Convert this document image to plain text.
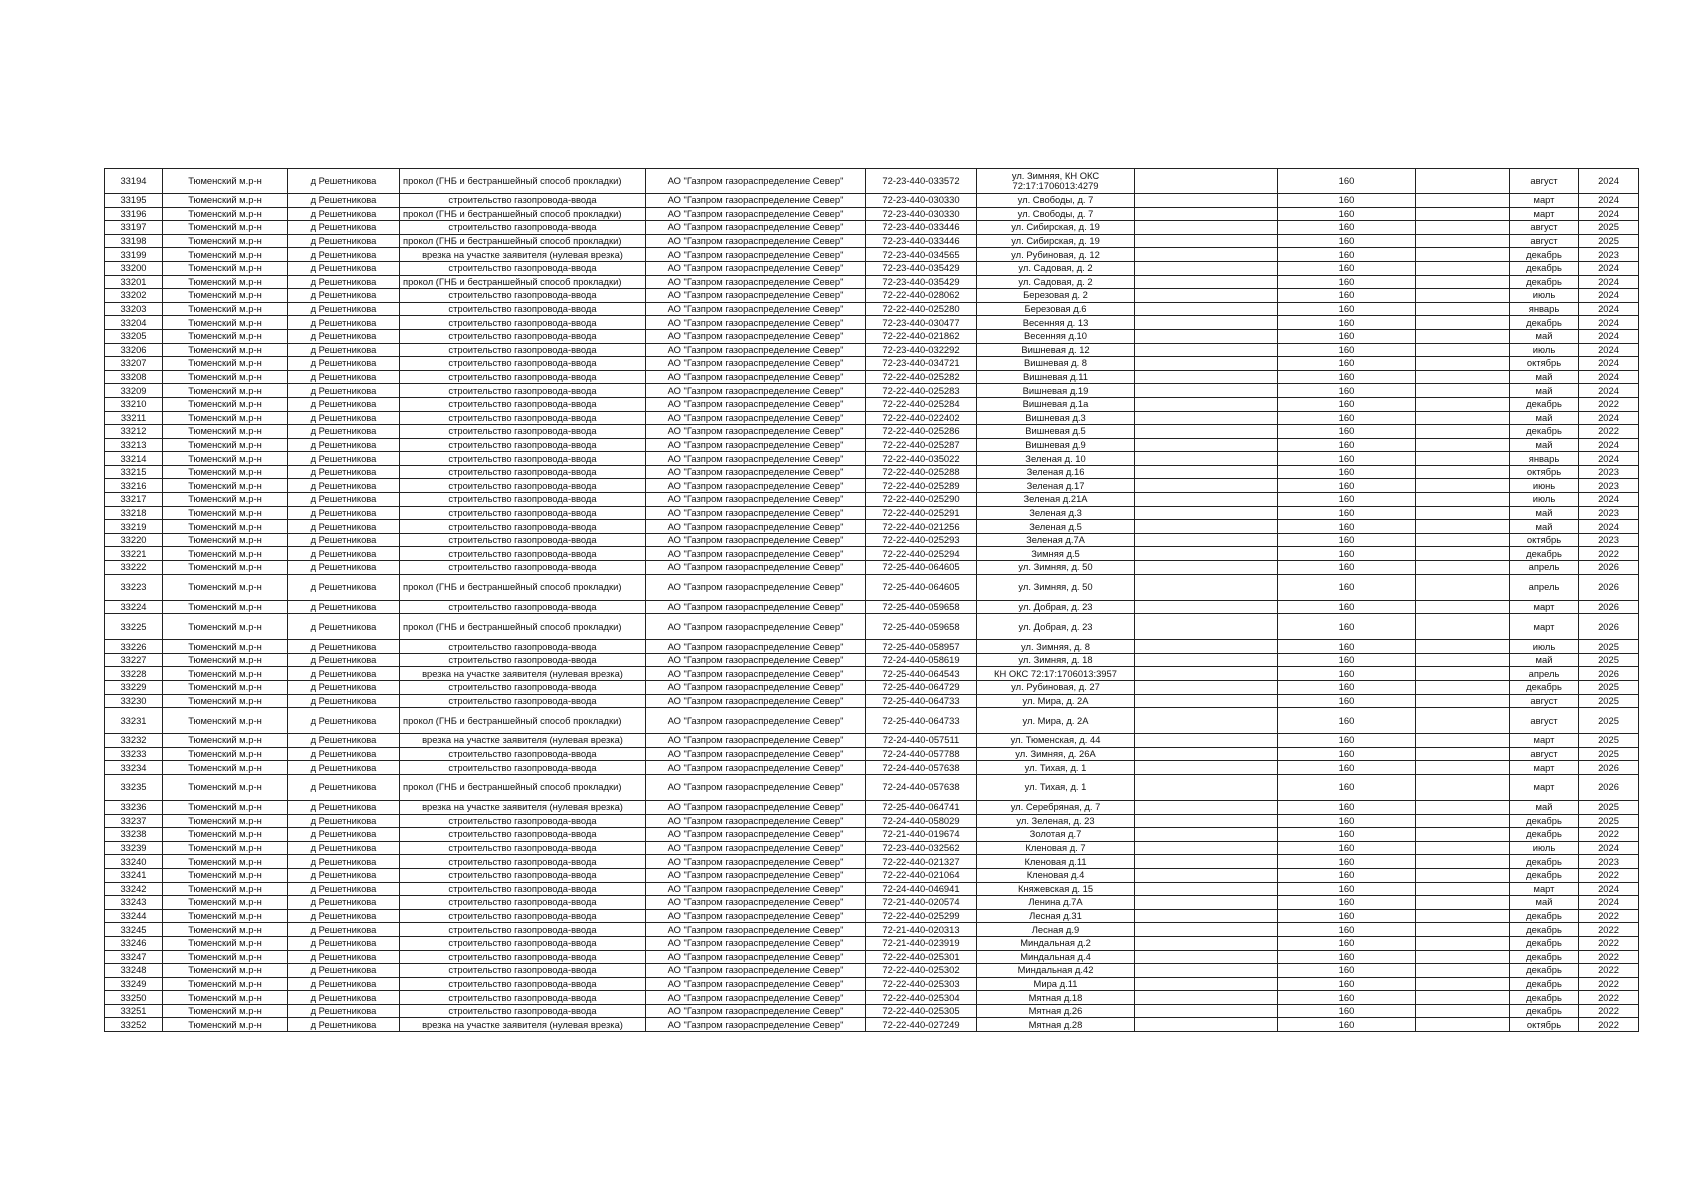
33194	Тюменский м.р-н	д Решетникова	прокол (ГНБ и бестраншейный способ прокладки)	АО "Газпром газораспределение Север"	72-23-440-033572	ул. Зимняя, КН ОКС 72:17:1706013:4279		160		август	2024
33195	Тюменский м.р-н	д Решетникова	строительство газопровода-ввода	АО "Газпром газораспределение Север"	72-23-440-030330	ул. Свободы, д. 7		160		март	2024
33196	Тюменский м.р-н	д Решетникова	прокол (ГНБ и бестраншейный способ прокладки)	АО "Газпром газораспределение Север"	72-23-440-030330	ул. Свободы, д. 7		160		март	2024
33197	Тюменский м.р-н	д Решетникова	строительство газопровода-ввода	АО "Газпром газораспределение Север"	72-23-440-033446	ул. Сибирская, д. 19		160		август	2025
33198	Тюменский м.р-н	д Решетникова	прокол (ГНБ и бестраншейный способ прокладки)	АО "Газпром газораспределение Север"	72-23-440-033446	ул. Сибирская, д. 19		160		август	2025
33199	Тюменский м.р-н	д Решетникова	врезка на участке заявителя (нулевая врезка)	АО "Газпром газораспределение Север"	72-23-440-034565	ул. Рубиновая, д. 12		160		декабрь	2023
33200	Тюменский м.р-н	д Решетникова	строительство газопровода-ввода	АО "Газпром газораспределение Север"	72-23-440-035429	ул. Садовая, д. 2		160		декабрь	2024
33201	Тюменский м.р-н	д Решетникова	прокол (ГНБ и бестраншейный способ прокладки)	АО "Газпром газораспределение Север"	72-23-440-035429	ул. Садовая, д. 2		160		декабрь	2024
33202	Тюменский м.р-н	д Решетникова	строительство газопровода-ввода	АО "Газпром газораспределение Север"	72-22-440-028062	Березовая д. 2		160		июль	2024
33203	Тюменский м.р-н	д Решетникова	строительство газопровода-ввода	АО "Газпром газораспределение Север"	72-22-440-025280	Березовая д.6		160		январь	2024
33204	Тюменский м.р-н	д Решетникова	строительство газопровода-ввода	АО "Газпром газораспределение Север"	72-23-440-030477	Весенняя д. 13		160		декабрь	2024
33205	Тюменский м.р-н	д Решетникова	строительство газопровода-ввода	АО "Газпром газораспределение Север"	72-22-440-021862	Весенняя д.10		160		май	2024
33206	Тюменский м.р-н	д Решетникова	строительство газопровода-ввода	АО "Газпром газораспределение Север"	72-23-440-032292	Вишневая д. 12		160		июль	2024
33207	Тюменский м.р-н	д Решетникова	строительство газопровода-ввода	АО "Газпром газораспределение Север"	72-23-440-034721	Вишневая д. 8		160		октябрь	2024
33208	Тюменский м.р-н	д Решетникова	строительство газопровода-ввода	АО "Газпром газораспределение Север"	72-22-440-025282	Вишневая д.11		160		май	2024
33209	Тюменский м.р-н	д Решетникова	строительство газопровода-ввода	АО "Газпром газораспределение Север"	72-22-440-025283	Вишневая д.19		160		май	2024
33210	Тюменский м.р-н	д Решетникова	строительство газопровода-ввода	АО "Газпром газораспределение Север"	72-22-440-025284	Вишневая д.1а		160		декабрь	2022
33211	Тюменский м.р-н	д Решетникова	строительство газопровода-ввода	АО "Газпром газораспределение Север"	72-22-440-022402	Вишневая д.3		160		май	2024
33212	Тюменский м.р-н	д Решетникова	строительство газопровода-ввода	АО "Газпром газораспределение Север"	72-22-440-025286	Вишневая д.5		160		декабрь	2022
33213	Тюменский м.р-н	д Решетникова	строительство газопровода-ввода	АО "Газпром газораспределение Север"	72-22-440-025287	Вишневая д.9		160		май	2024
33214	Тюменский м.р-н	д Решетникова	строительство газопровода-ввода	АО "Газпром газораспределение Север"	72-22-440-035022	Зеленая д. 10		160		январь	2024
33215	Тюменский м.р-н	д Решетникова	строительство газопровода-ввода	АО "Газпром газораспределение Север"	72-22-440-025288	Зеленая д.16		160		октябрь	2023
33216	Тюменский м.р-н	д Решетникова	строительство газопровода-ввода	АО "Газпром газораспределение Север"	72-22-440-025289	Зеленая д.17		160		июнь	2023
33217	Тюменский м.р-н	д Решетникова	строительство газопровода-ввода	АО "Газпром газораспределение Север"	72-22-440-025290	Зеленая д.21А		160		июль	2024
33218	Тюменский м.р-н	д Решетникова	строительство газопровода-ввода	АО "Газпром газораспределение Север"	72-22-440-025291	Зеленая д.3		160		май	2023
33219	Тюменский м.р-н	д Решетникова	строительство газопровода-ввода	АО "Газпром газораспределение Север"	72-22-440-021256	Зеленая д.5		160		май	2024
33220	Тюменский м.р-н	д Решетникова	строительство газопровода-ввода	АО "Газпром газораспределение Север"	72-22-440-025293	Зеленая д.7А		160		октябрь	2023
33221	Тюменский м.р-н	д Решетникова	строительство газопровода-ввода	АО "Газпром газораспределение Север"	72-22-440-025294	Зимняя д.5		160		декабрь	2022
33222	Тюменский м.р-н	д Решетникова	строительство газопровода-ввода	АО "Газпром газораспределение Север"	72-25-440-064605	ул. Зимняя, д. 50		160		апрель	2026
33223	Тюменский м.р-н	д Решетникова	прокол (ГНБ и бестраншейный способ прокладки)	АО "Газпром газораспределение Север"	72-25-440-064605	ул. Зимняя, д. 50		160		апрель	2026
33224	Тюменский м.р-н	д Решетникова	строительство газопровода-ввода	АО "Газпром газораспределение Север"	72-25-440-059658	ул. Добрая, д. 23		160		март	2026
33225	Тюменский м.р-н	д Решетникова	прокол (ГНБ и бестраншейный способ прокладки)	АО "Газпром газораспределение Север"	72-25-440-059658	ул. Добрая, д. 23		160		март	2026
33226	Тюменский м.р-н	д Решетникова	строительство газопровода-ввода	АО "Газпром газораспределение Север"	72-25-440-058957	ул. Зимняя, д. 8		160		июль	2025
33227	Тюменский м.р-н	д Решетникова	строительство газопровода-ввода	АО "Газпром газораспределение Север"	72-24-440-058619	ул. Зимняя, д. 18		160		май	2025
33228	Тюменский м.р-н	д Решетникова	врезка на участке заявителя (нулевая врезка)	АО "Газпром газораспределение Север"	72-25-440-064543	КН ОКС 72:17:1706013:3957		160		апрель	2026
33229	Тюменский м.р-н	д Решетникова	строительство газопровода-ввода	АО "Газпром газораспределение Север"	72-25-440-064729	ул. Рубиновая, д. 27		160		декабрь	2025
33230	Тюменский м.р-н	д Решетникова	строительство газопровода-ввода	АО "Газпром газораспределение Север"	72-25-440-064733	ул. Мира, д. 2А		160		август	2025
33231	Тюменский м.р-н	д Решетникова	прокол (ГНБ и бестраншейный способ прокладки)	АО "Газпром газораспределение Север"	72-25-440-064733	ул. Мира, д. 2А		160		август	2025
33232	Тюменский м.р-н	д Решетникова	врезка на участке заявителя (нулевая врезка)	АО "Газпром газораспределение Север"	72-24-440-057511	ул. Тюменская, д. 44		160		март	2025
33233	Тюменский м.р-н	д Решетникова	строительство газопровода-ввода	АО "Газпром газораспределение Север"	72-24-440-057788	ул. Зимняя, д. 26А		160		август	2025
33234	Тюменский м.р-н	д Решетникова	строительство газопровода-ввода	АО "Газпром газораспределение Север"	72-24-440-057638	ул. Тихая, д. 1		160		март	2026
33235	Тюменский м.р-н	д Решетникова	прокол (ГНБ и бестраншейный способ прокладки)	АО "Газпром газораспределение Север"	72-24-440-057638	ул. Тихая, д. 1		160		март	2026
33236	Тюменский м.р-н	д Решетникова	врезка на участке заявителя (нулевая врезка)	АО "Газпром газораспределение Север"	72-25-440-064741	ул. Серебряная, д. 7		160		май	2025
33237	Тюменский м.р-н	д Решетникова	строительство газопровода-ввода	АО "Газпром газораспределение Север"	72-24-440-058029	ул. Зеленая, д. 23		160		декабрь	2025
33238	Тюменский м.р-н	д Решетникова	строительство газопровода-ввода	АО "Газпром газораспределение Север"	72-21-440-019674	Золотая д.7		160		декабрь	2022
33239	Тюменский м.р-н	д Решетникова	строительство газопровода-ввода	АО "Газпром газораспределение Север"	72-23-440-032562	Кленовая д. 7		160		июль	2024
33240	Тюменский м.р-н	д Решетникова	строительство газопровода-ввода	АО "Газпром газораспределение Север"	72-22-440-021327	Кленовая д.11		160		декабрь	2023
33241	Тюменский м.р-н	д Решетникова	строительство газопровода-ввода	АО "Газпром газораспределение Север"	72-22-440-021064	Кленовая д.4		160		декабрь	2022
33242	Тюменский м.р-н	д Решетникова	строительство газопровода-ввода	АО "Газпром газораспределение Север"	72-24-440-046941	Княжевская д. 15		160		март	2024
33243	Тюменский м.р-н	д Решетникова	строительство газопровода-ввода	АО "Газпром газораспределение Север"	72-21-440-020574	Ленина д.7А		160		май	2024
33244	Тюменский м.р-н	д Решетникова	строительство газопровода-ввода	АО "Газпром газораспределение Север"	72-22-440-025299	Лесная д.31		160		декабрь	2022
33245	Тюменский м.р-н	д Решетникова	строительство газопровода-ввода	АО "Газпром газораспределение Север"	72-21-440-020313	Лесная д.9		160		декабрь	2022
33246	Тюменский м.р-н	д Решетникова	строительство газопровода-ввода	АО "Газпром газораспределение Север"	72-21-440-023919	Миндальная д.2		160		декабрь	2022
33247	Тюменский м.р-н	д Решетникова	строительство газопровода-ввода	АО "Газпром газораспределение Север"	72-22-440-025301	Миндальная д.4		160		декабрь	2022
33248	Тюменский м.р-н	д Решетникова	строительство газопровода-ввода	АО "Газпром газораспределение Север"	72-22-440-025302	Миндальная д.42		160		декабрь	2022
33249	Тюменский м.р-н	д Решетникова	строительство газопровода-ввода	АО "Газпром газораспределение Север"	72-22-440-025303	Мира д.11		160		декабрь	2022
33250	Тюменский м.р-н	д Решетникова	строительство газопровода-ввода	АО "Газпром газораспределение Север"	72-22-440-025304	Мятная д.18		160		декабрь	2022
33251	Тюменский м.р-н	д Решетникова	строительство газопровода-ввода	АО "Газпром газораспределение Север"	72-22-440-025305	Мятная д.26		160		декабрь	2022
33252	Тюменский м.р-н	д Решетникова	врезка на участке заявителя (нулевая врезка)	АО "Газпром газораспределение Север"	72-22-440-027249	Мятная д.28		160		октябрь	2022
